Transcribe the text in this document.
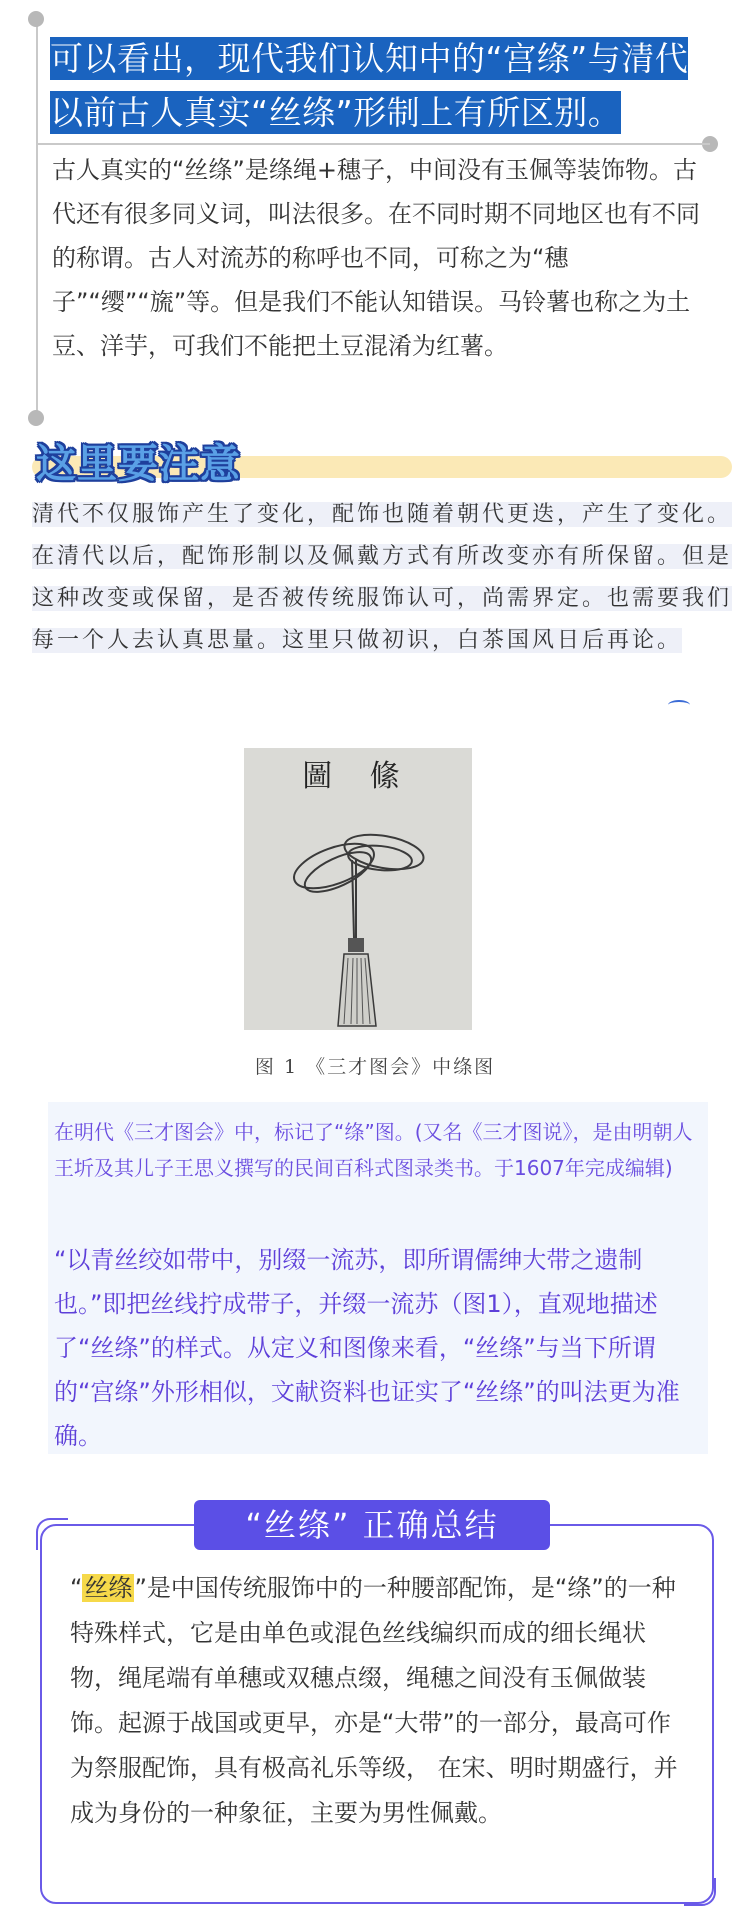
可以看出，现代我们认知中的“宫绦”与清代以前古人真实“丝绦”形制上有所区别。
古人真实的“丝绦”是绦绳+穗子，中间没有玉佩等装饰物。古代还有很多同义词，叫法很多。在不同时期不同地区也有不同的称谓。古人对流苏的称呼也不同，可称之为“穗子”“缨”“旒”等。但是我们不能认知错误。马铃薯也称之为土豆、洋芋，可我们不能把土豆混淆为红薯。
这里要注意
清代不仅服饰产生了变化，配饰也随着朝代更迭，产生了变化。在清代以后，配饰形制以及佩戴方式有所改变亦有所保留。但是这种改变或保留，是否被传统服饰认可，尚需界定。也需要我们每一个人去认真思量。这里只做初识，白茶国风日后再论。
圖 絛
图 1 《三才图会》中绦图
在明代《三才图会》中，标记了“绦”图。(又名《三才图说》，是由明朝人王圻及其儿子王思义撰写的民间百科式图录类书。于1607年完成编辑)
“以青丝绞如带中，别缀一流苏，即所谓儒绅大带之遗制也。”即把丝线拧成带子，并缀一流苏（图1），直观地描述了“丝绦”的样式。从定义和图像来看，“丝绦”与当下所谓的“宫绦”外形相似，文献资料也证实了“丝绦”的叫法更为准确。
“丝绦” 正确总结
“丝绦”是中国传统服饰中的一种腰部配饰，是“绦”的一种特殊样式，它是由单色或混色丝线编织而成的细长绳状物，绳尾端有单穗或双穗点缀，绳穗之间没有玉佩做装饰。起源于战国或更早，亦是“大带”的一部分，最高可作为祭服配饰，具有极高礼乐等级， 在宋、明时期盛行，并成为身份的一种象征，主要为男性佩戴。
